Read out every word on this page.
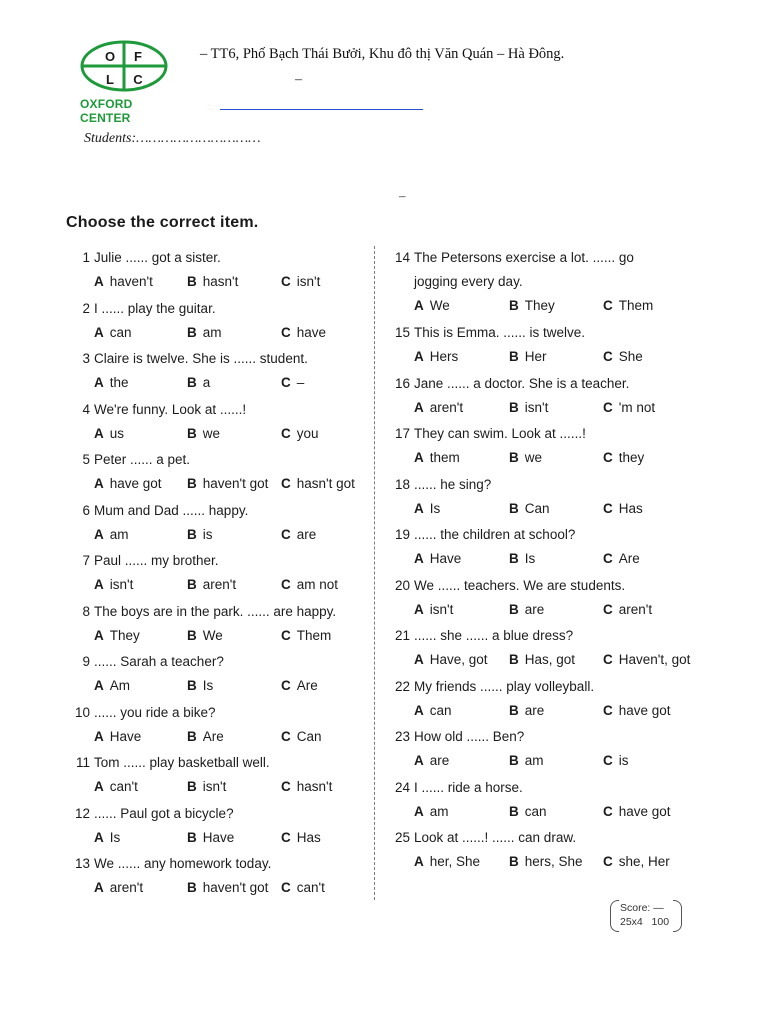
O F
L C
OXFORD CENTER
– TT6, Phố Bạch Thái Bưởi, Khu đô thị Văn Quán – Hà Đông.
–
Students:…………………………
–
Choose the correct item.
1 Julie ...... got a sister.
A haven't	B hasn't	C isn't
2 I ...... play the guitar.
A can	B am	C have
3 Claire is twelve. She is ...... student.
A the	B a	C –
4 We're funny. Look at ......!
A us	B we	C you
5 Peter ...... a pet.
A have got B haven't got C hasn't got
6 Mum and Dad ...... happy.
A am	B is	C are
7 Paul ...... my brother.
A isn't	B aren't	C am not
8 The boys are in the park. ...... are happy.
A They	B We	C Them
9 ...... Sarah a teacher?
A Am	B Is	C Are
10 ...... you ride a bike?
A Have	B Are	C Can
11 Tom ...... play basketball well.
A can't	B isn't	C hasn't
12 ...... Paul got a bicycle?
A Is	B Have	C Has
13 We ...... any homework today.
A aren't	B haven't got C can't
14 The Petersons exercise a lot. ...... go
jogging every day.
A We	B They	C Them
15 This is Emma. ...... is twelve.
A Hers	B Her	C She
16 Jane ...... a doctor. She is a teacher.
A aren't	B isn't	C 'm not
17 They can swim. Look at ......!
A them	B we	C they
18 ...... he sing?
A Is	B Can	C Has
19 ...... the children at school?
A Have	B Is	C Are
20 We ...... teachers. We are students.
A isn't	B are	C aren't
21 ...... she ...... a blue dress?
A Have, got B Has, got C Haven't, got
22 My friends ...... play volleyball.
A can	B are	C have got
23 How old ...... Ben?
A are	B am	C is
24 I ...... ride a horse.
A am	B can	C have got
25 Look at ......! ...... can draw.
A her, She B hers, She C she, Her
Score: —
25x4 100
